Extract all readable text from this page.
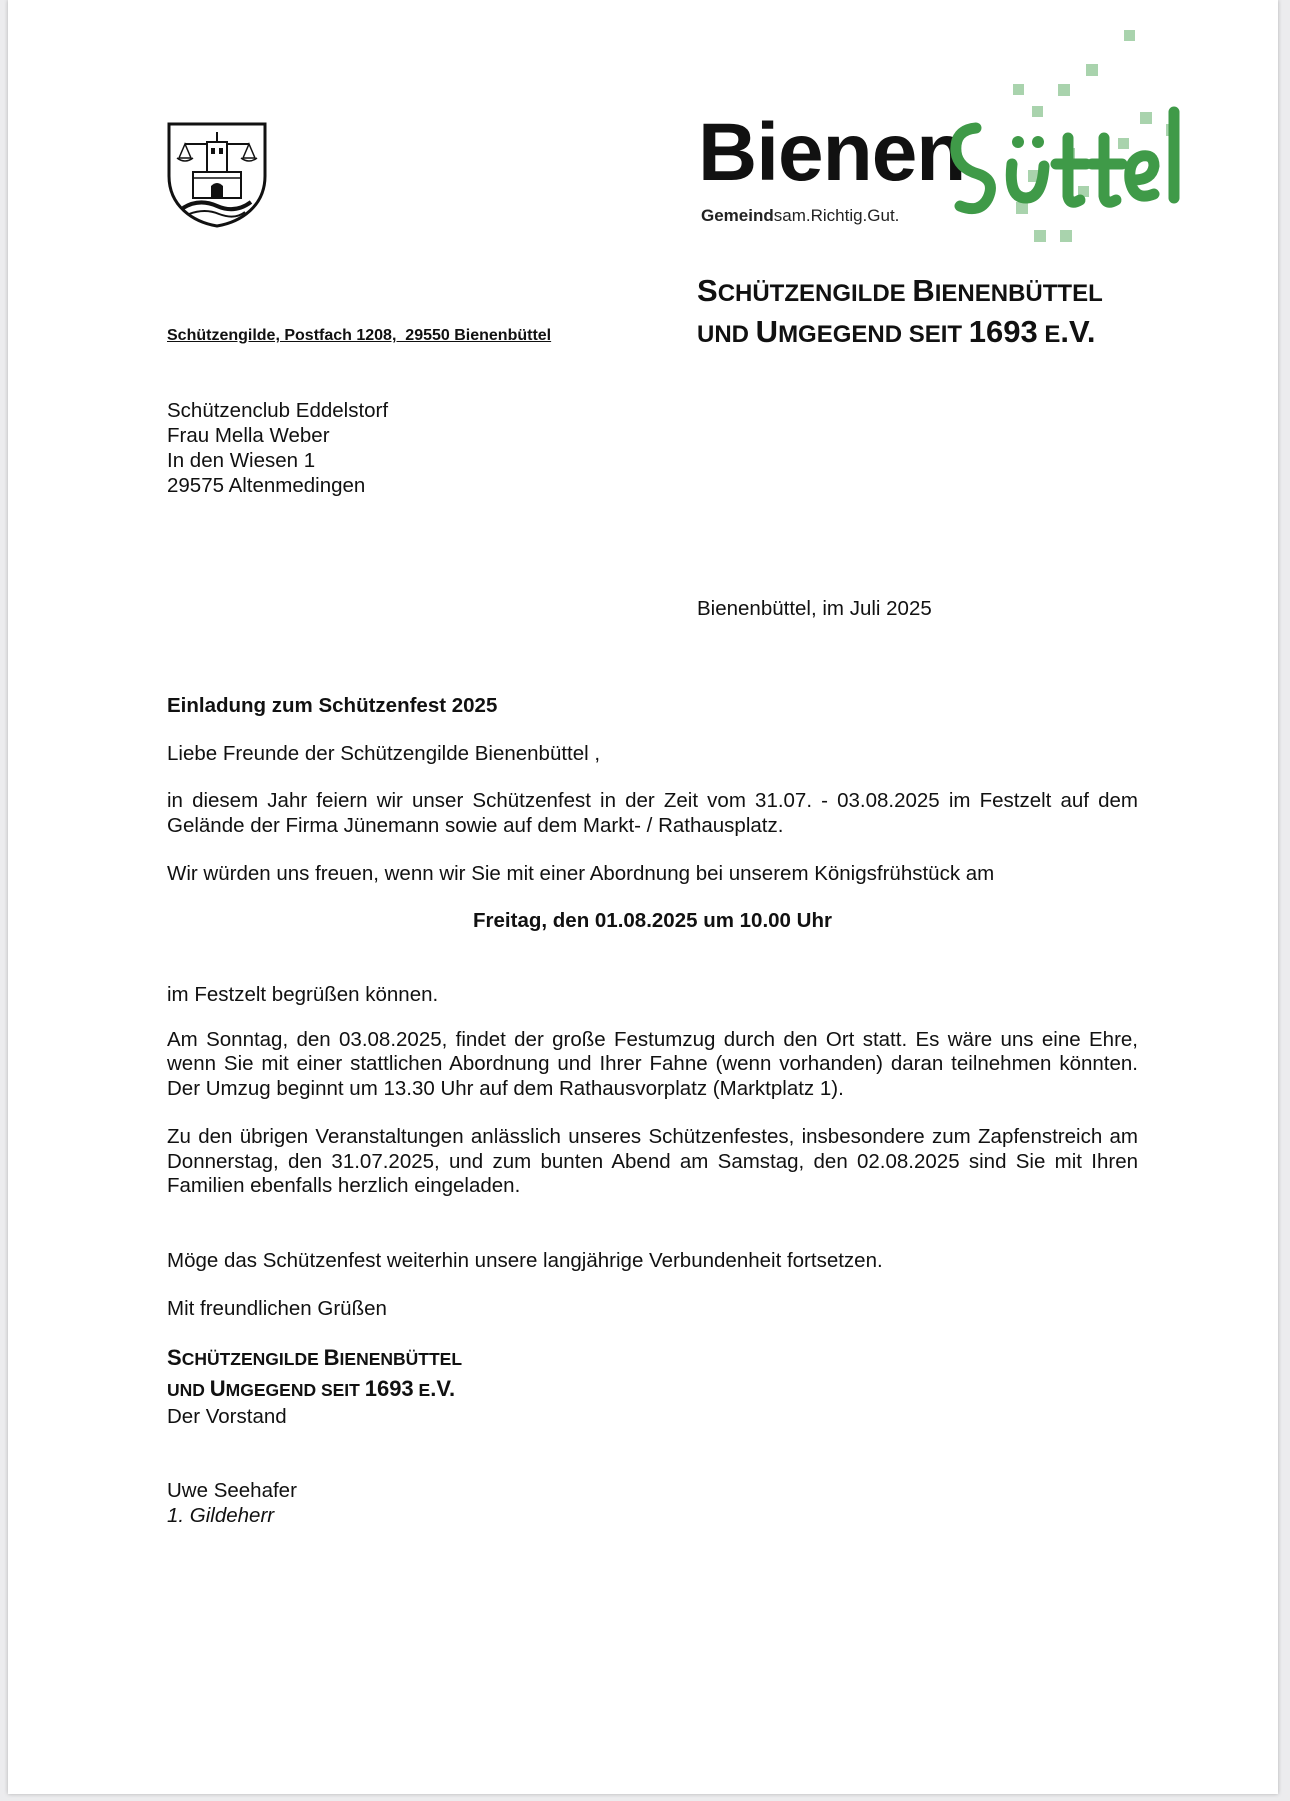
Bienen
Gemeindsam.Richtig.Gut.
SCHÜTZENGILDE BIENENBÜTTEL
UND UMGEGEND SEIT 1693 E.V.
Schützengilde, Postfach 1208,  29550 Bienenbüttel
Schützenclub Eddelstorf
Frau Mella Weber
In den Wiesen 1
29575 Altenmedingen
Bienenbüttel, im Juli 2025

Einladung zum Schützenfest 2025

Liebe Freunde der Schützengilde Bienenbüttel ,

in diesem Jahr feiern wir unser Schützenfest in der Zeit vom 31.07. - 03.08.2025 im Festzelt auf dem Gelände der Firma Jünemann sowie auf dem Markt- / Rathausplatz.

Wir würden uns freuen, wenn wir Sie mit einer Abordnung bei unserem Königsfrühstück am

Freitag, den 01.08.2025 um 10.00 Uhr

im Festzelt begrüßen können.

Am Sonntag, den 03.08.2025, findet der große Festumzug durch den Ort statt. Es wäre uns eine Ehre, wenn Sie mit einer stattlichen Abordnung und Ihrer Fahne (wenn vorhanden) daran teilnehmen könnten. Der Umzug beginnt um 13.30 Uhr auf dem Rathausvorplatz (Marktplatz 1).

Zu den übrigen Veranstaltungen anlässlich unseres Schützenfestes, insbesondere zum Zapfenstreich am Donnerstag, den 31.07.2025, und zum bunten Abend am Samstag, den 02.08.2025 sind Sie mit Ihren Familien ebenfalls herzlich eingeladen.

Möge das Schützenfest weiterhin unsere langjährige Verbundenheit fortsetzen.

Mit freundlichen Grüßen

SCHÜTZENGILDE BIENENBÜTTEL
UND UMGEGEND SEIT 1693 E.V.

Der Vorstand

Uwe Seehafer

1. Gildeherr
